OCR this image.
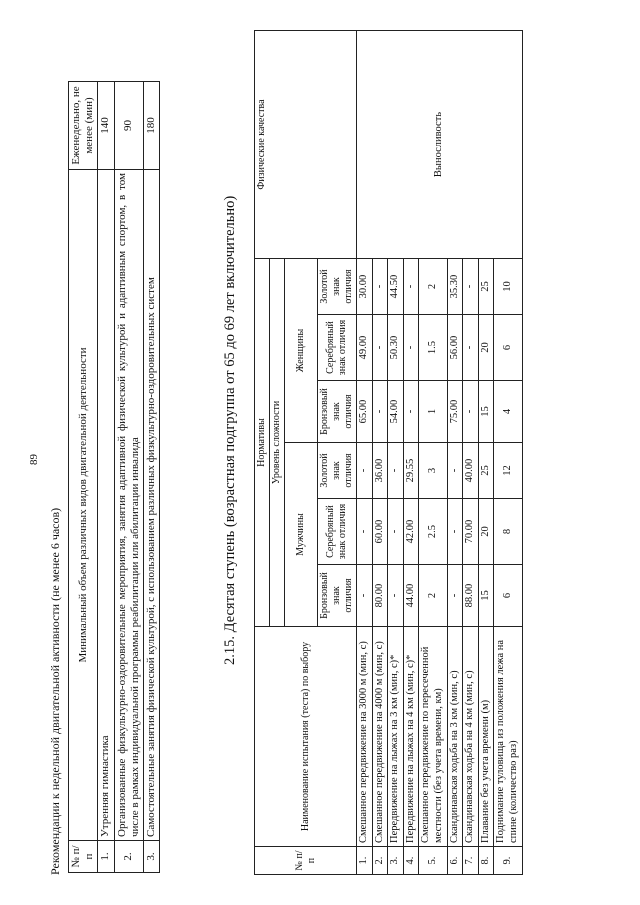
89
Рекомендации к недельной двигательной активности (не менее 6 часов) № п/п	Минимальный объем различных видов двигательной деятельности	Еженедельно, не менее (мин)
1.	Утренняя гимнастика	140
2.	Организованные физкультурно-оздоровительные мероприятия, занятия адаптивной физической культурой и адаптивным спортом, в том числе в рамках индивидуальной программы реабилитации или абилитации инвалида	90
3.	Самостоятельные занятия физической культурой, с использованием различных физкультурно-оздоровительных систем	180
2.15. Десятая ступень (возрастная подгруппа от 65 до 69 лет включительно)
№ п/п	Наименование испытания (теста) по выбору	Нормативы						Физические качества
		Уровень сложности						
		Мужчины			Женщины			
		Бронзовый знак отличия	Серебряный знак отличия	Золотой знак отличия	Бронзовый знак отличия	Серебряный знак отличия	Золотой знак отличия	
1.	Смешанное передвижение на 3000 м (мин, с)	-	-	-	65.00	49.00	30.00	Выносливость
2.	Смешанное передвижение на 4000 м (мин, с)	80.00	60.00	36.00	-	-	-	
3.	Передвижение на лыжах на 3 км (мин, с)*	-	-	-	54.00	50.30	44.50	
4.	Передвижение на лыжах на 4 км (мин, с)*	44.00	42.00	29.55	-	-	-	
5.	Смешанное передвижение по пересеченной местности (без учета времени, км)	2	2.5	3	1	1.5	2	
6.	Скандинавская ходьба на 3 км (мин, с)	-	-	-	75.00	56.00	35.30	
7.	Скандинавская ходьба на 4 км (мин, с)	88.00	70.00	40.00	-	-	-	
8.	Плавание без учета времени (м)	15	20	25	15	20	25	
9.	Поднимание туловища из положения лежа на спине (количество раз)	6	8	12	4	6	10	
